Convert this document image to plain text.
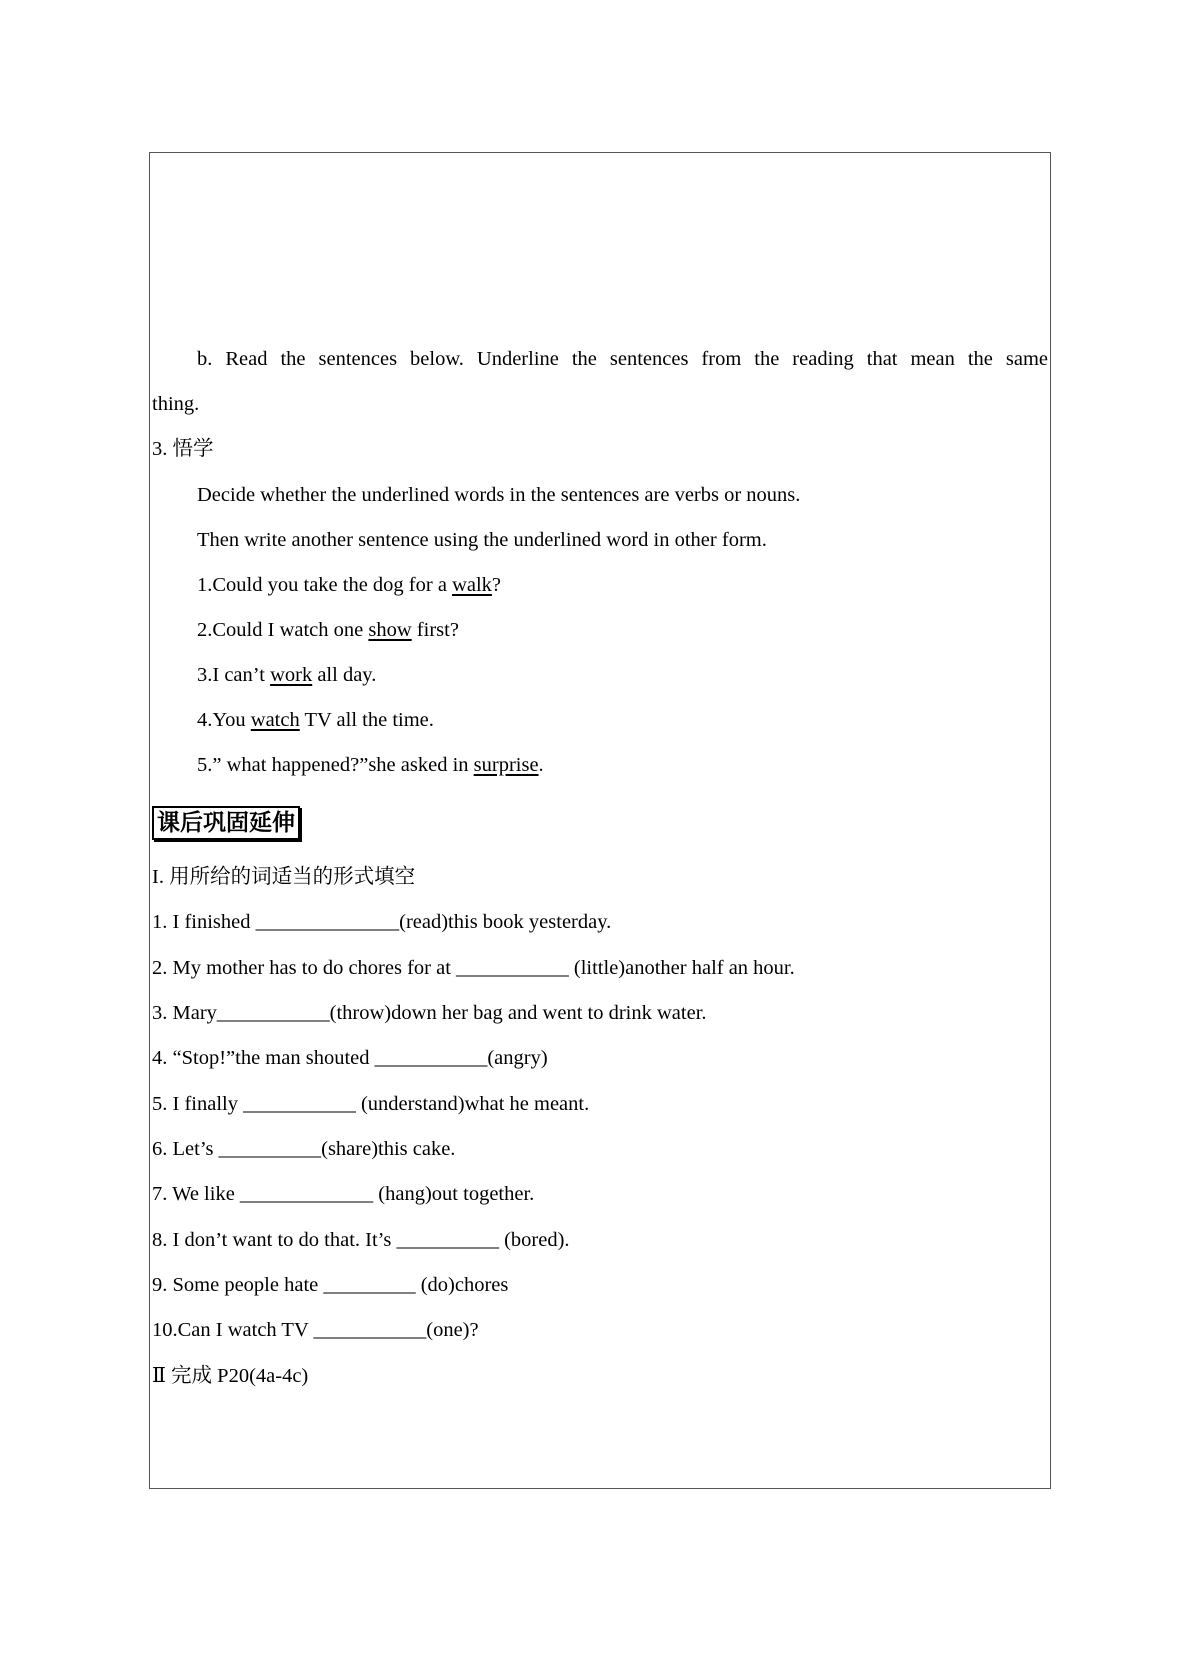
b. Read the sentences below. Underline the sentences from the reading that mean the same
thing.
3. 悟学
Decide whether the underlined words in the sentences are verbs or nouns.
Then write another sentence using the underlined word in other form.
1.Could you take the dog for a walk?
2.Could I watch one show first?
3.I can’t work all day.
4.You watch TV all the time.
5.” what happened?”she asked in surprise.
课后巩固延伸
I. 用所给的词适当的形式填空
1. I finished ______________(read)this book yesterday.
2. My mother has to do chores for at ___________ (little)another half an hour.
3. Mary___________(throw)down her bag and went to drink water.
4. “Stop!”the man shouted ___________(angry)
5. I finally ___________ (understand)what he meant.
6. Let’s __________(share)this cake.
7. We like _____________ (hang)out together.
8. I don’t want to do that. It’s __________ (bored).
9. Some people hate _________ (do)chores
10.Can I watch TV ___________(one)?
Ⅱ 完成 P20(4a-4c)
